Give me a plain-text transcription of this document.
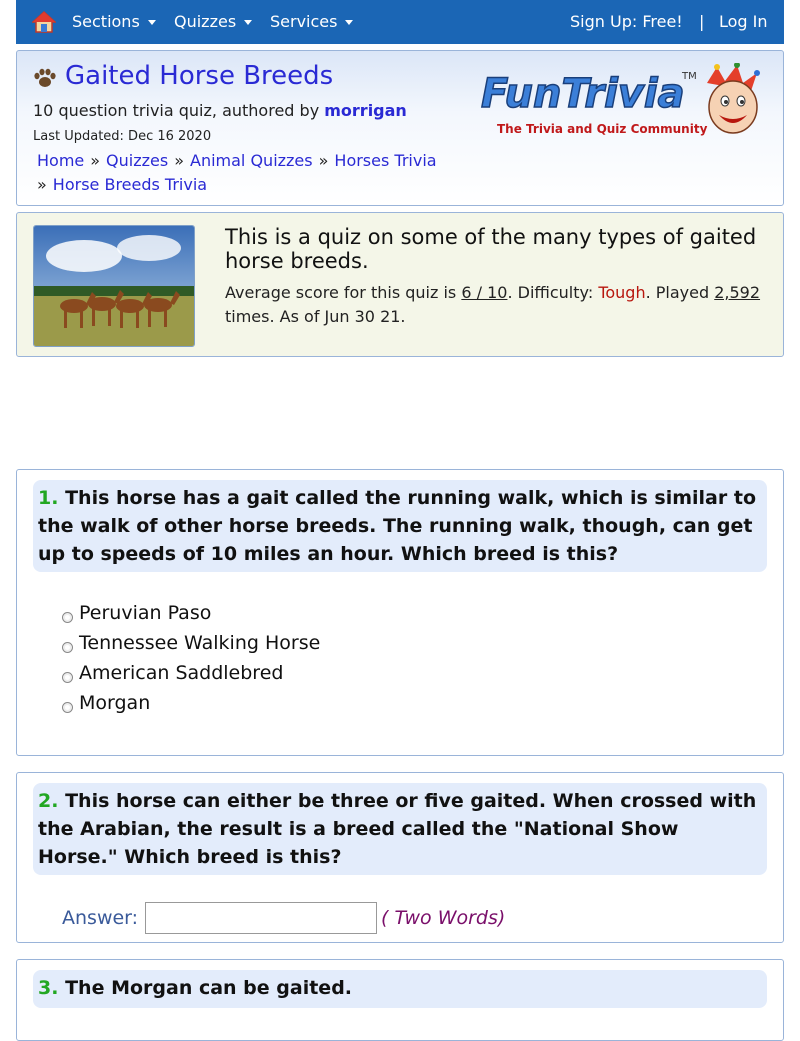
Sections	Quizzes	Services	Sign Up: Free! | Log In
Gaited Horse Breeds
10 question trivia quiz, authored by morrigan
Last Updated: Dec 16 2020
Home » Quizzes » Animal Quizzes » Horses Trivia
» Horse Breeds Trivia
FunTrivia
TM
The Trivia and Quiz Community
This is a quiz on some of the many types of gaited horse breeds.
Average score for this quiz is 6 / 10. Difficulty: Tough. Played 2,592 times. As of Jun 30 21.
1. This horse has a gait called the running walk, which is similar to the walk of other horse breeds. The running walk, though, can get up to speeds of 10 miles an hour. Which breed is this?
Peruvian Paso
Tennessee Walking Horse
American Saddlebred
Morgan
2. This horse can either be three or five gaited. When crossed with the Arabian, the result is a breed called the "National Show Horse." Which breed is this?
Answer:	( Two Words)
3. The Morgan can be gaited.
